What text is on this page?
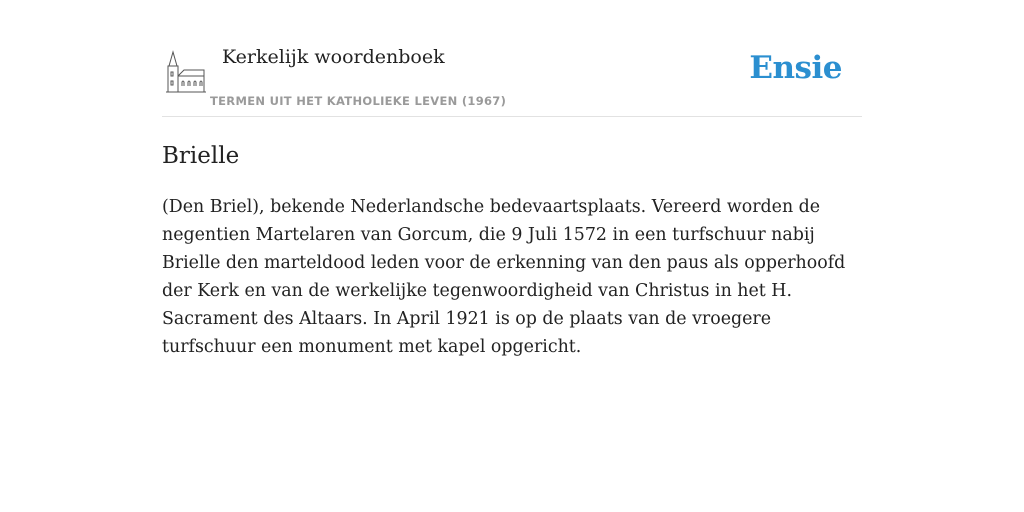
Kerkelijk woordenboek
TERMEN UIT HET KATHOLIEKE LEVEN (1967)
Ensie
Brielle

(Den Briel), bekende Nederlandsche bedevaartsplaats. Vereerd worden de negentien Martelaren van Gorcum, die 9 Juli 1572 in een turfschuur nabij Brielle den marteldood leden voor de erkenning van den paus als opperhoofd der Kerk en van de werkelijke tegenwoordigheid van Christus in het H. Sacrament des Altaars. In April 1921 is op de plaats van de vroegere turfschuur een monument met kapel opgericht.
